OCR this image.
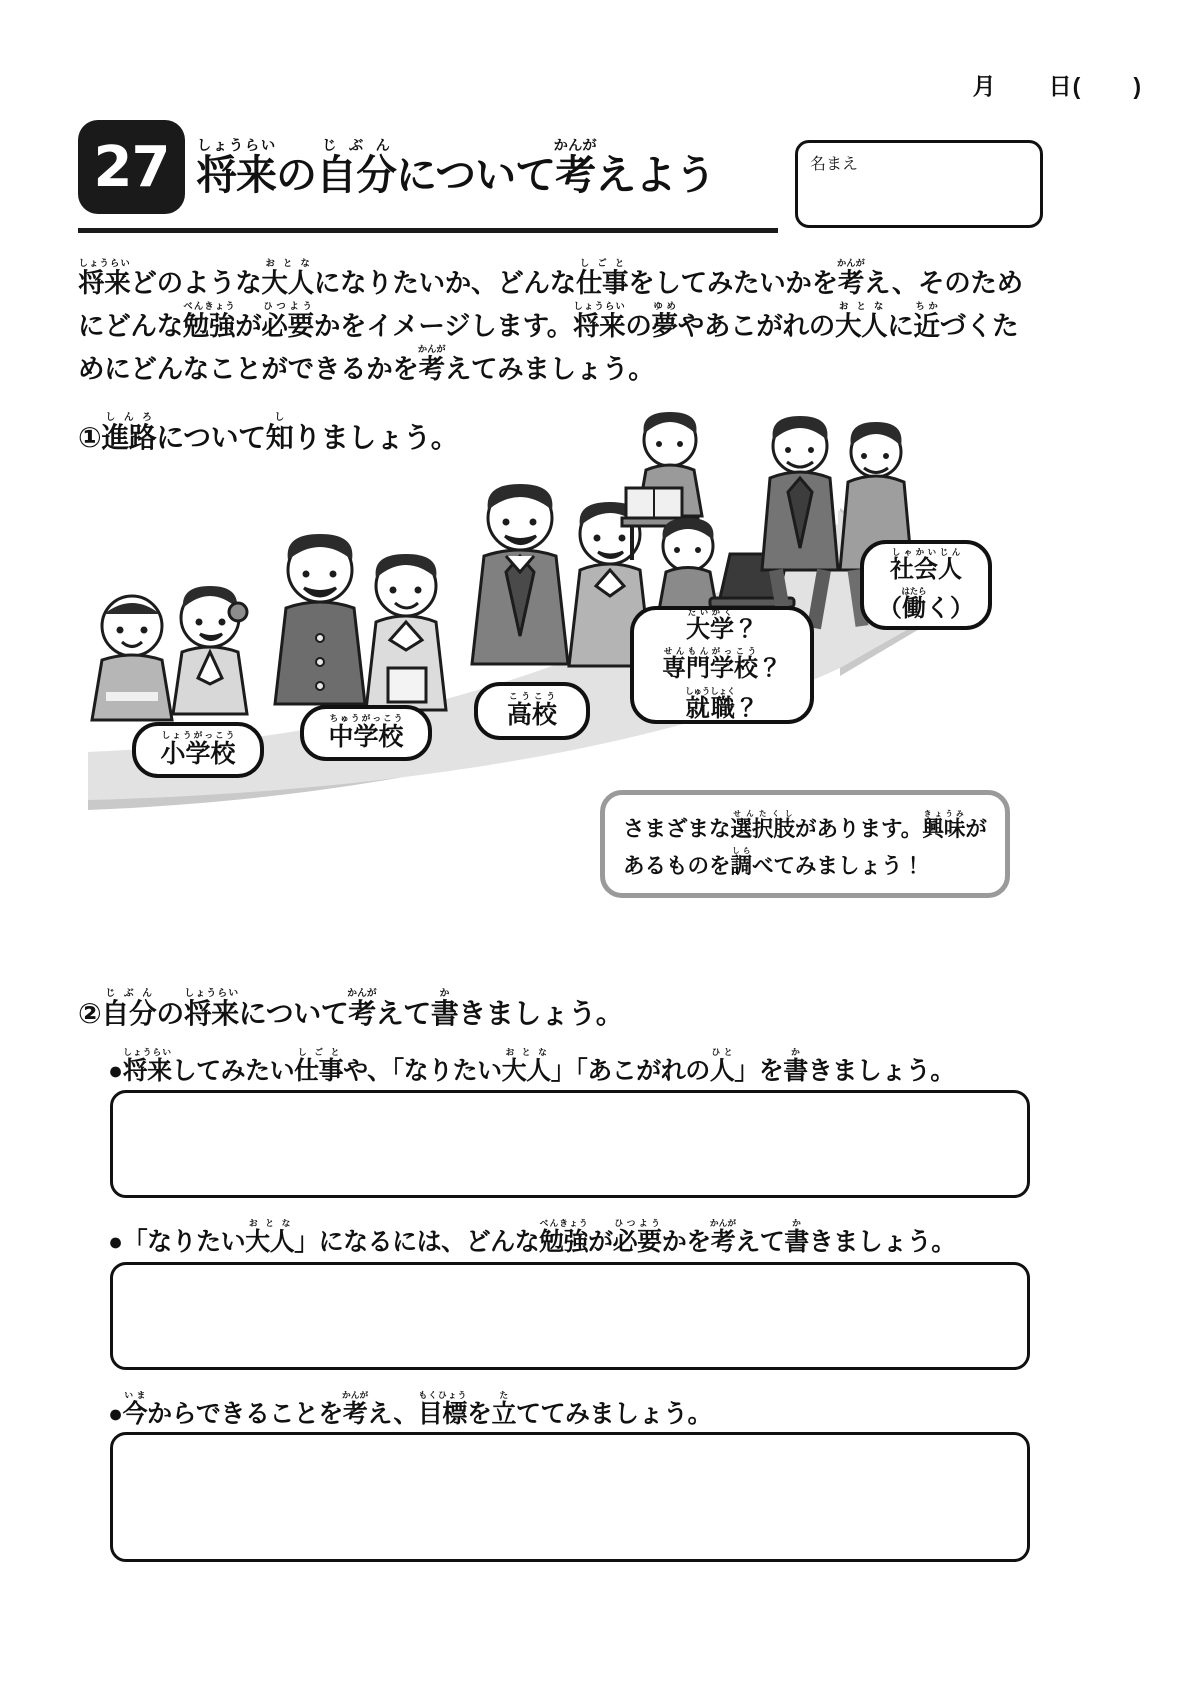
月 日( )
27 将来しょうらいの自分じぶんについて考かんがえよう	名まえ
将来しょうらいどのような大人おとなになりたいか、どんな仕事しごとをしてみたいかを考かんがえ、そのためにどんな勉強べんきょうが必要ひつようかをイメージします。将来しょうらいの夢ゆめやあこがれの大人おとなに近ちかづくためにどんなことができるかを考かんがえてみましょう。
①進路しんろについて知しりましょう。
小学校しょうがっこう	中学校ちゅうがっこう	高校こうこう
大学だいがく？
専門学校せんもんがっこう？
就職しゅうしょく？
社会人しゃかいじん
（働はたらく）
さまざまな選択肢せんたくしがあります。興味きょうみが
あるものを調しらべてみましょう！
②自分じぶんの将来しょうらいについて考かんがえて書かきましょう。
●将来しょうらいしてみたい仕事しごとや、「なりたい大人おとな」「あこがれの人ひと」を書かきましょう。
●「なりたい大人おとな」になるには、どんな勉強べんきょうが必要ひつようかを考かんがえて書かきましょう。
●今いまからできることを考かんがえ、目標もくひょうを立たててみましょう。
